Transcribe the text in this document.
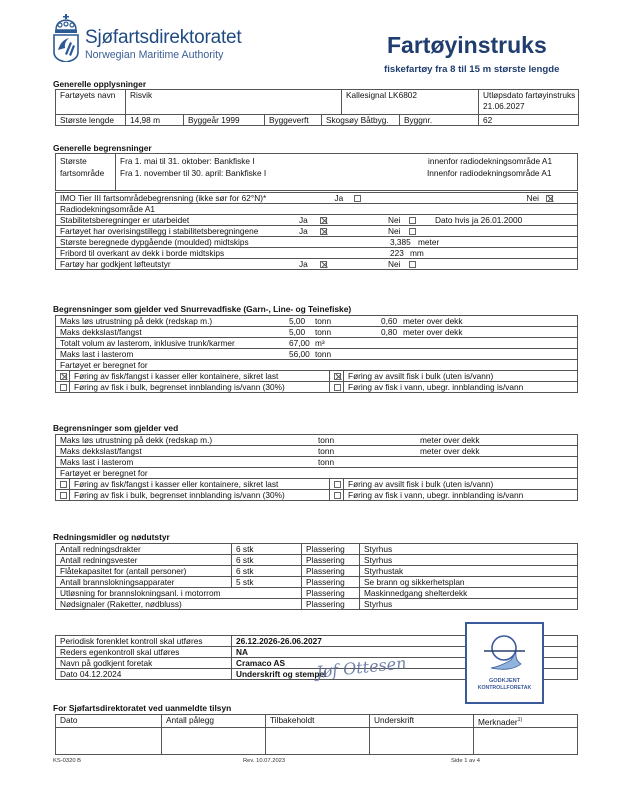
Sjøfartsdirektoratet
Norwegian Maritime Authority	Fartøyinstruks
fiskefartøy fra 8 til 15 m største lengde
Generelle opplysninger
Fartøyets navn	Risvik				Kallesignal LK6802		Utløpsdato fartøyinstruks
21.06.2027

Største lengde	14,98 m	Byggeår 1999	Byggeverft	Skogsøy Båtbyg.		Byggnr.	62
Generelle begrensninger
Største
fartsområde

Fra 1. mai til 31. oktober: Bankfiske I
Fra 1. november til 30. april: Bankfiske I
innenfor radiodekningsområde A1
Innenfor radiodekningsområde A1
IMO Tier III fartsområdebegrensning (ikke sør for 62°N)*	Ja	Nei
Radiodekningsområde A1
Stabilitetsberegninger er utarbeidet	Ja	Nei	Dato hvis ja 26.01.2000

Fartøyet har overisingstillegg i stabilitetsberegningene	Ja	Nei

Største beregnede dypgående (moulded) midtskips	3,385 meter

Fribord til overkant av dekk i borde midtskips	223 mm

Fartøy har godkjent løfteutstyr	Ja	Nei
Begrensninger som gjelder ved Snurrevadfiske (Garn-, Line- og Teinefiske)
Maks løs utrustning på dekk (redskap m.) 5,00 tonn 0,60 meter over dekk			

Maks dekkslast/fangst 5,00 tonn 0,80 meter over dekk			

Totalt volum av lasterom, inklusive trunk/karmer 67,00 m³			

Maks last i lasterom 56,00 tonn			

Fartøyet er beregnet for			
	Føring av fisk/fangst i kasser eller kontainere, sikret last		Føring av avsilt fisk i bulk (uten is/vann)
	Føring av fisk i bulk, begrenset innblanding is/vann (30%)		Føring av fisk i vann, ubegr. innblanding is/vann
Begrensninger som gjelder ved
Maks løs utrustning på dekk (redskap m.) tonn meter over dekk			

Maks dekkslast/fangst tonn meter over dekk			

Maks last i lasterom tonn			

Fartøyet er beregnet for			
	Føring av fisk/fangst i kasser eller kontainere, sikret last		Føring av avsilt fisk i bulk (uten is/vann)
	Føring av fisk i bulk, begrenset innblanding is/vann (30%)		Føring av fisk i vann, ubegr. innblanding is/vann
Redningsmidler og nødutstyr
Antall redningsdrakter	6 stk	Plassering	Styrhus
Antall redningsvester	6 stk	Plassering	Styrhus
Flåtekapasitet for (antall personer)	6 stk	Plassering	Styrhustak
Antall brannslokningsapparater	5 stk	Plassering	Se brann og sikkerhetsplan
Utløsning for brannslokningsanl. i motorrom		Plassering	Maskinnedgang shelterdekk
Nødsignaler (Raketter, nødbluss)		Plassering	Styrhus
Periodisk forenklet kontroll skal utføres	26.12.2026-26.06.2027
Reders egenkontroll skal utføres	NA
Navn på godkjent foretak	Cramaco AS
Dato 04.12.2024	Underskrift og stempel
Jøf Ottesen	GODKJENT
KONTROLLFORETAK
For Sjøfartsdirektoratet ved uanmeldte tilsyn
Dato	Antall pålegg	Tilbakeholdt	Underskrift	Merknader$^{1)}$

KS-0320 B	Rev. 10.07.2023	Side 1 av 4
